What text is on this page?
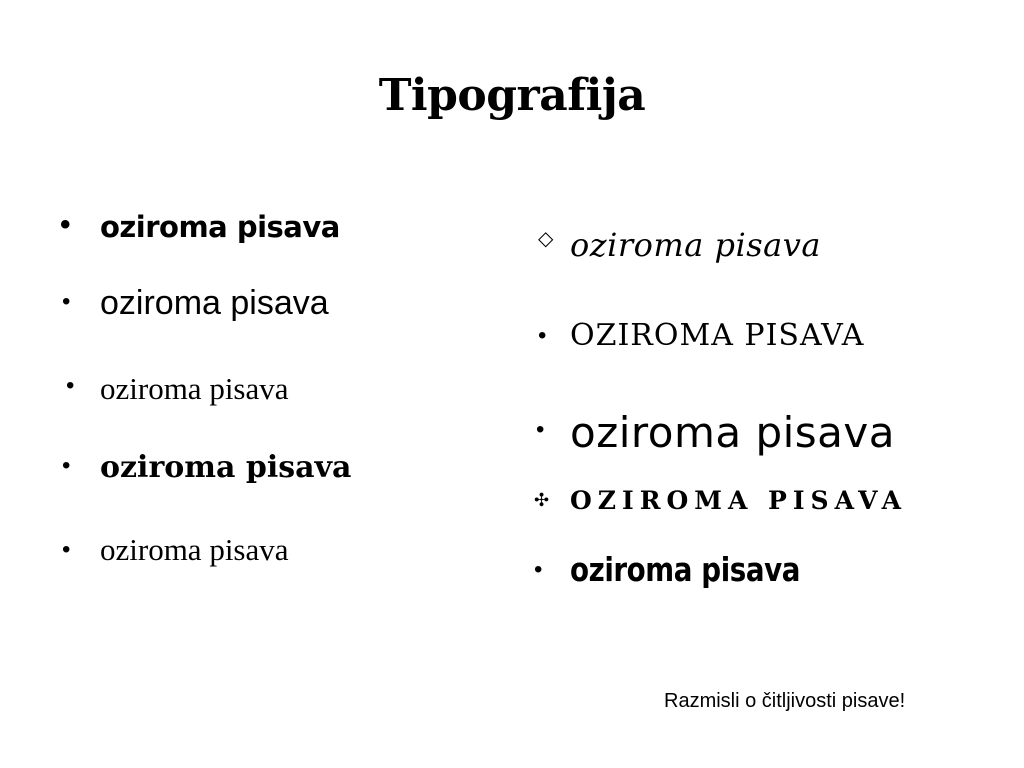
Tipografija
• oziroma pisava
• oziroma pisava
• oziroma pisava
• oziroma pisava
• oziroma pisava
◇ oziroma pisava
• OZIROMA PISAVA
• oziroma pisava
✣ OZIROMA PISAVA
• oziroma pisava
Razmisli o čitljivosti pisave!
